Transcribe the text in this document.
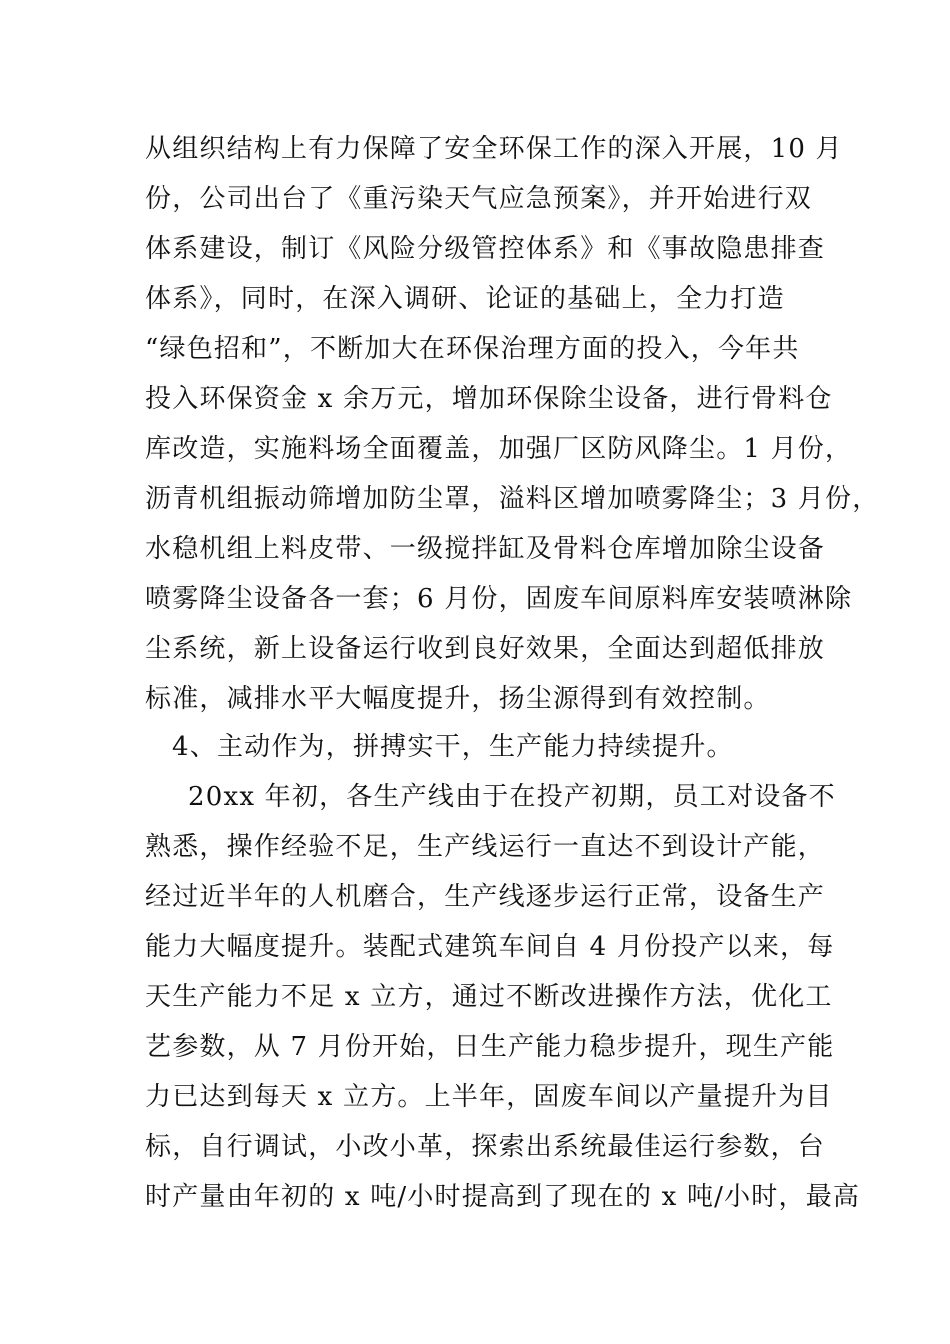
从组织结构上有力保障了安全环保工作的深入开展，10 月
份，公司出台了《重污染天气应急预案》，并开始进行双
体系建设，制订《风险分级管控体系》和《事故隐患排查
体系》，同时，在深入调研、论证的基础上，全力打造
“绿色招和”，不断加大在环保治理方面的投入，今年共
投入环保资金 x 余万元，增加环保除尘设备，进行骨料仓
库改造，实施料场全面覆盖，加强厂区防风降尘。1 月份，
沥青机组振动筛增加防尘罩，溢料区增加喷雾降尘；3 月份，
水稳机组上料皮带、一级搅拌缸及骨料仓库增加除尘设备
喷雾降尘设备各一套；6 月份，固废车间原料库安装喷淋除
尘系统，新上设备运行收到良好效果，全面达到超低排放
标准，减排水平大幅度提升，扬尘源得到有效控制。
4、主动作为，拼搏实干，生产能力持续提升。
20xx 年初，各生产线由于在投产初期，员工对设备不
熟悉，操作经验不足，生产线运行一直达不到设计产能，
经过近半年的人机磨合，生产线逐步运行正常，设备生产
能力大幅度提升。装配式建筑车间自 4 月份投产以来，每
天生产能力不足 x 立方，通过不断改进操作方法，优化工
艺参数，从 7 月份开始，日生产能力稳步提升，现生产能
力已达到每天 x 立方。上半年，固废车间以产量提升为目
标，自行调试，小改小革，探索出系统最佳运行参数，台
时产量由年初的 x 吨/小时提高到了现在的 x 吨/小时，最高
